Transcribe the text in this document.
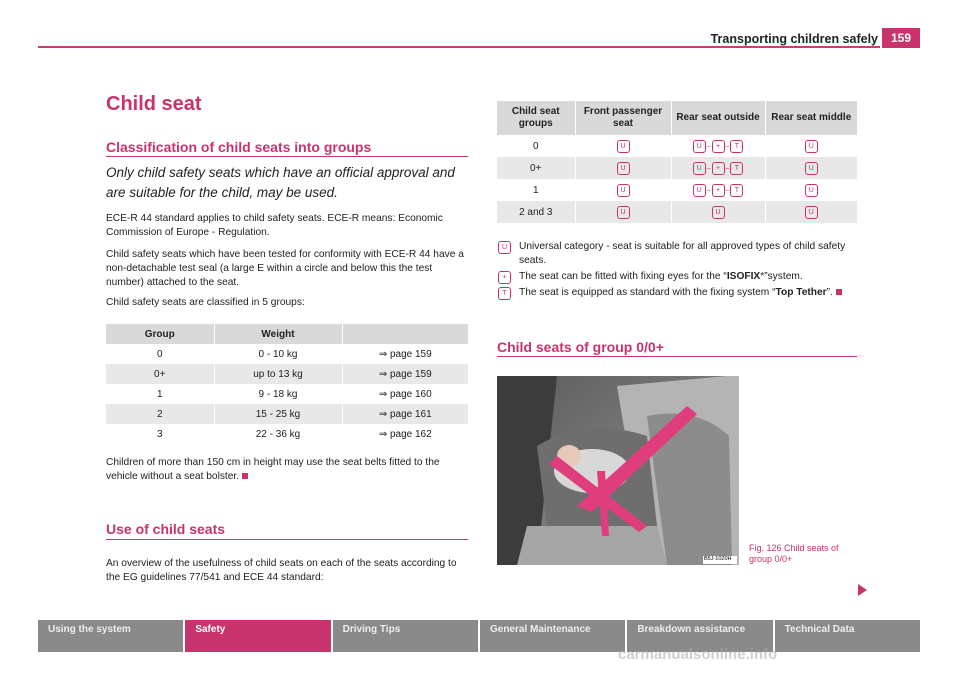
Transporting children safely	159
Child seat
Classification of child seats into groups
Only child safety seats which have an official approval and are suitable for the child, may be used.
ECE-R 44 standard applies to child safety seats. ECE-R means: Economic Commission of Europe - Regulation.
Child safety seats which have been tested for conformity with ECE-R 44 have a non-detachable test seal (a large E within a circle and below this the test number) attached to the seat.
Child safety seats are classified in 5 groups:
Group	Weight	
0	0 - 10 kg	⇒ page 159
0+	up to 13 kg	⇒ page 159
1	9 - 18 kg	⇒ page 160
2	15 - 25 kg	⇒ page 161
3	22 - 36 kg	⇒ page 162
Children of more than 150 cm in height may use the seat belts fitted to the vehicle without a seat bolster.
Use of child seats
An overview of the usefulness of child seats on each of the seats according to the EG guidelines 77/541 and ECE 44 standard:
Child seat groups	Front passenger seat	Rear seat outside	Rear seat middle
0	U	U – + – T	U
0+	U	U – + – T	U
1	U	U – + – T	U
2 and 3	U	U	U
U	Universal category - seat is suitable for all approved types of child safety seats.
+	The seat can be fitted with fixing eyes for the “ISOFIX*”system.
T	The seat is equipped as standard with the fixing system “Top Tether”.
Child seats of group 0/0+
B5J-1020H
Fig. 126 Child seats of
group 0/0+
Using the system	Safety	Driving Tips	General Maintenance	Breakdown assistance	Technical Data
carmanualsonline.info
